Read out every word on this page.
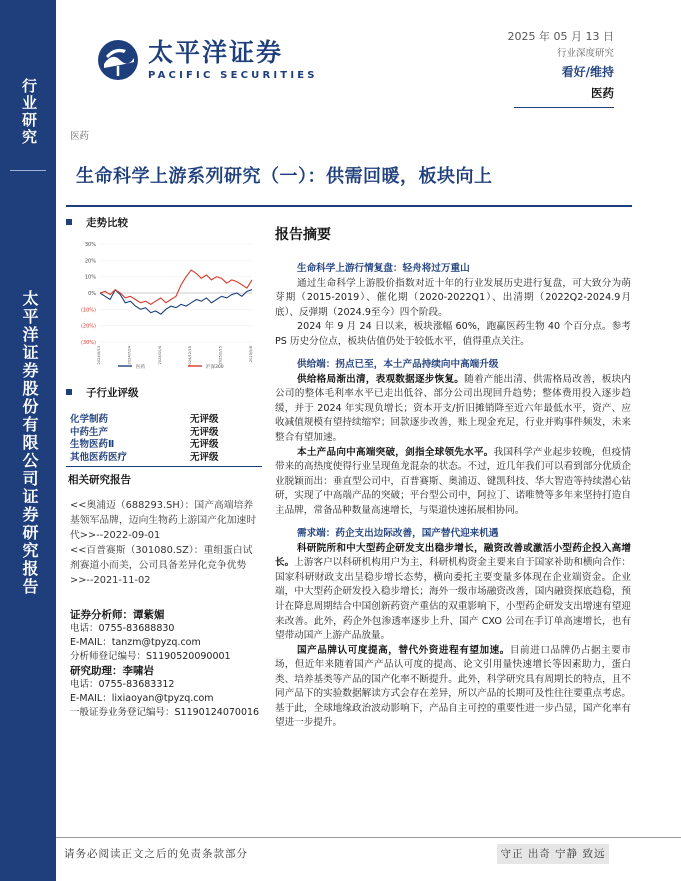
行业研究
太平洋证券股份有限公司证券研究报告
太平洋证券
PACIFIC SECURITIES
2025 年 05 月 13 日
行业深度研究
看好/维持
医药
医药
生命科学上游系列研究（一）：供需回暖，板块向上
走势比较
30%
20%
10%
0%
(10%)
(20%)
(30%)
2024/5/13	2024/7/24	2024/10/4	2024/12/15	2025/2/25	2025/5/8
医药	沪深300
子行业评级
化学制药	无评级
中药生产	无评级
生物医药Ⅱ	无评级
其他医药医疗	无评级
相关研究报告

<<奥浦迈（688293.SH）：国产高端培养基领军品牌，迈向生物药上游国产化加速时代>>--2022-09-01

<<百普赛斯（301080.SZ）：重组蛋白试剂赛道小而美，公司具备差异化竞争优势>>--2021-11-02

证券分析师：谭紫媚
电话：0755-83688830
E-MAIL：tanzm@tpyzq.com
分析师登记编号：S1190520090001
研究助理：李啸岩
电话：0755-83683312
E-MAIL：lixiaoyan@tpyzq.com
一般证券业务登记编号：S1190124070016
报告摘要
生命科学上游行情复盘：轻舟将过万重山

通过生命科学上游股价指数对近十年的行业发展历史进行复盘，可大致分为萌芽期（2015-2019）、催化期（2020-2022Q1）、出清期（2022Q2-2024.9月底）、反弹期（2024.9至今）四个阶段。

2024 年 9 月 24 日以来，板块涨幅 60%，跑赢医药生物 40 个百分点。参考 PS 历史分位点，板块估值仍处于较低水平，值得重点关注。

供给端：拐点已至，本土产品持续向中高端升级

供给格局渐出清，表观数据逐步恢复。随着产能出清、供需格局改善，板块内公司的整体毛利率水平已走出低谷、部分公司出现回升趋势；整体费用投入逐步趋缓，并于 2024 年实现负增长；资本开支/折旧摊销降至近六年最低水平，资产、应收减值规模有望持续缩窄；回款逐步改善，账上现金充足，行业并购事件频发，未来整合有望加速。

本土产品向中高端突破，剑指全球领先水平。我国科学产业起步较晚，但疫情带来的高热度使得行业呈现鱼龙混杂的状态。不过，近几年我们可以看到部分优质企业脱颖而出：垂直型公司中，百普赛斯、奥浦迈、键凯科技、华大智造等持续潜心钻研，实现了中高端产品的突破；平台型公司中，阿拉丁、诺唯赞等多年来坚持打造自主品牌，常备品种数量高速增长，与渠道快速拓展相协同。

需求端：药企支出边际改善，国产替代迎来机遇

科研院所和中大型药企研发支出稳步增长，融资改善或激活小型药企投入高增长。上游客户以科研机构用户为主，科研机构资金主要来自于国家补助和横向合作：国家科研财政支出呈稳步增长态势，横向委托主要变量多体现在企业端资金。企业端，中大型药企研发投入稳步增长；海外一级市场融资改善，国内融资探底趋稳，预计在降息周期结合中国创新药资产重估的双重影响下，小型药企研发支出增速有望迎来改善。此外，药企外包渗透率逐步上升、国产 CXO 公司在手订单高速增长，也有望带动国产上游产品放量。

国产品牌认可度提高，替代外资进程有望加速。目前进口品牌仍占据主要市场，但近年来随着国产产品认可度的提高、论文引用量快速增长等因素助力，蛋白类、培养基类等产品的国产化率不断提升。此外，科学研究具有周期长的特点，且不同产品下的实验数据解读方式会存在差异，所以产品的长期可及性往往要重点考虑。基于此，全球地缘政治波动影响下，产品自主可控的重要性进一步凸显，国产化率有望进一步提升。

请务必阅读正文之后的免责条款部分	守正 出奇 宁静 致远
